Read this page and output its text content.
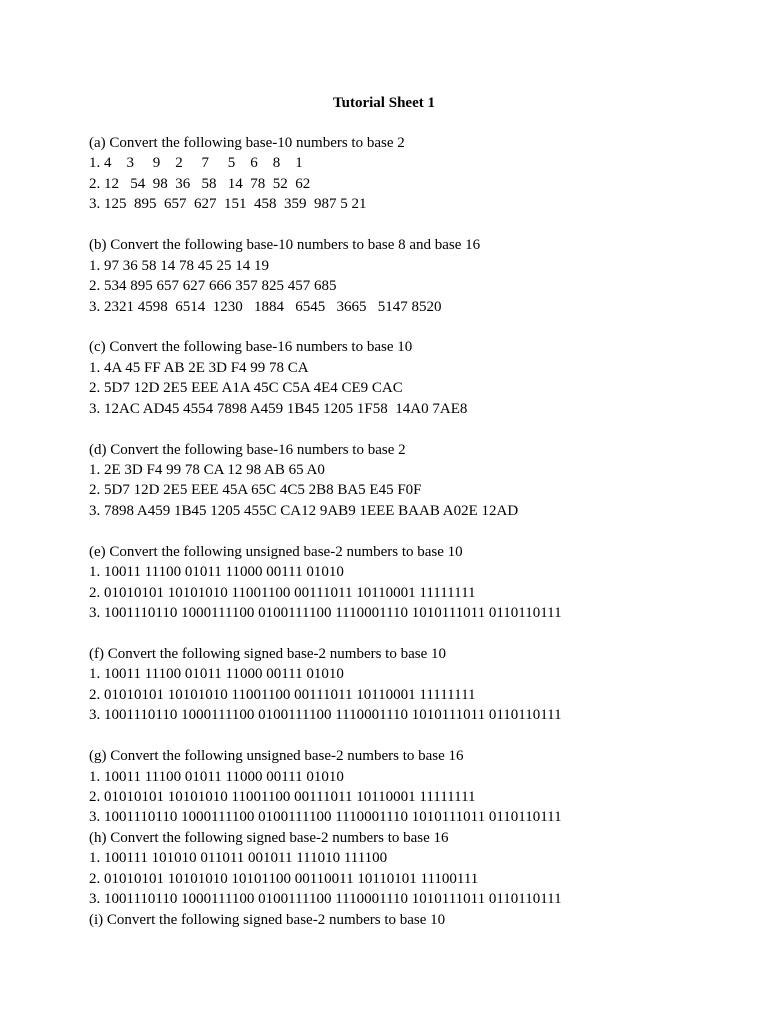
Tutorial Sheet 1
(a) Convert the following base-10 numbers to base 2
1. 4    3     9    2     7     5    6    8    1
2. 12   54  98  36   58   14  78  52  62
3. 125  895  657  627  151  458  359  987 5 21
(b) Convert the following base-10 numbers to base 8 and base 16
1. 97 36 58 14 78 45 25 14 19
2. 534 895 657 627 666 357 825 457 685
3. 2321 4598  6514  1230   1884   6545   3665   5147 8520
(c) Convert the following base-16 numbers to base 10
1. 4A 45 FF AB 2E 3D F4 99 78 CA
2. 5D7 12D 2E5 EEE A1A 45C C5A 4E4 CE9 CAC
3. 12AC AD45 4554 7898 A459 1B45 1205 1F58  14A0 7AE8
(d) Convert the following base-16 numbers to base 2
1. 2E 3D F4 99 78 CA 12 98 AB 65 A0
2. 5D7 12D 2E5 EEE 45A 65C 4C5 2B8 BA5 E45 F0F
3. 7898 A459 1B45 1205 455C CA12 9AB9 1EEE BAAB A02E 12AD
(e) Convert the following unsigned base-2 numbers to base 10
1. 10011 11100 01011 11000 00111 01010
2. 01010101 10101010 11001100 00111011 10110001 11111111
3. 1001110110 1000111100 0100111100 1110001110 1010111011 0110110111
(f) Convert the following signed base-2 numbers to base 10
1. 10011 11100 01011 11000 00111 01010
2. 01010101 10101010 11001100 00111011 10110001 11111111
3. 1001110110 1000111100 0100111100 1110001110 1010111011 0110110111
(g) Convert the following unsigned base-2 numbers to base 16
1. 10011 11100 01011 11000 00111 01010
2. 01010101 10101010 11001100 00111011 10110001 11111111
3. 1001110110 1000111100 0100111100 1110001110 1010111011 0110110111
(h) Convert the following signed base-2 numbers to base 16
1. 100111 101010 011011 001011 111010 111100
2. 01010101 10101010 10101100 00110011 10110101 11100111
3. 1001110110 1000111100 0100111100 1110001110 1010111011 0110110111
(i) Convert the following signed base-2 numbers to base 10
